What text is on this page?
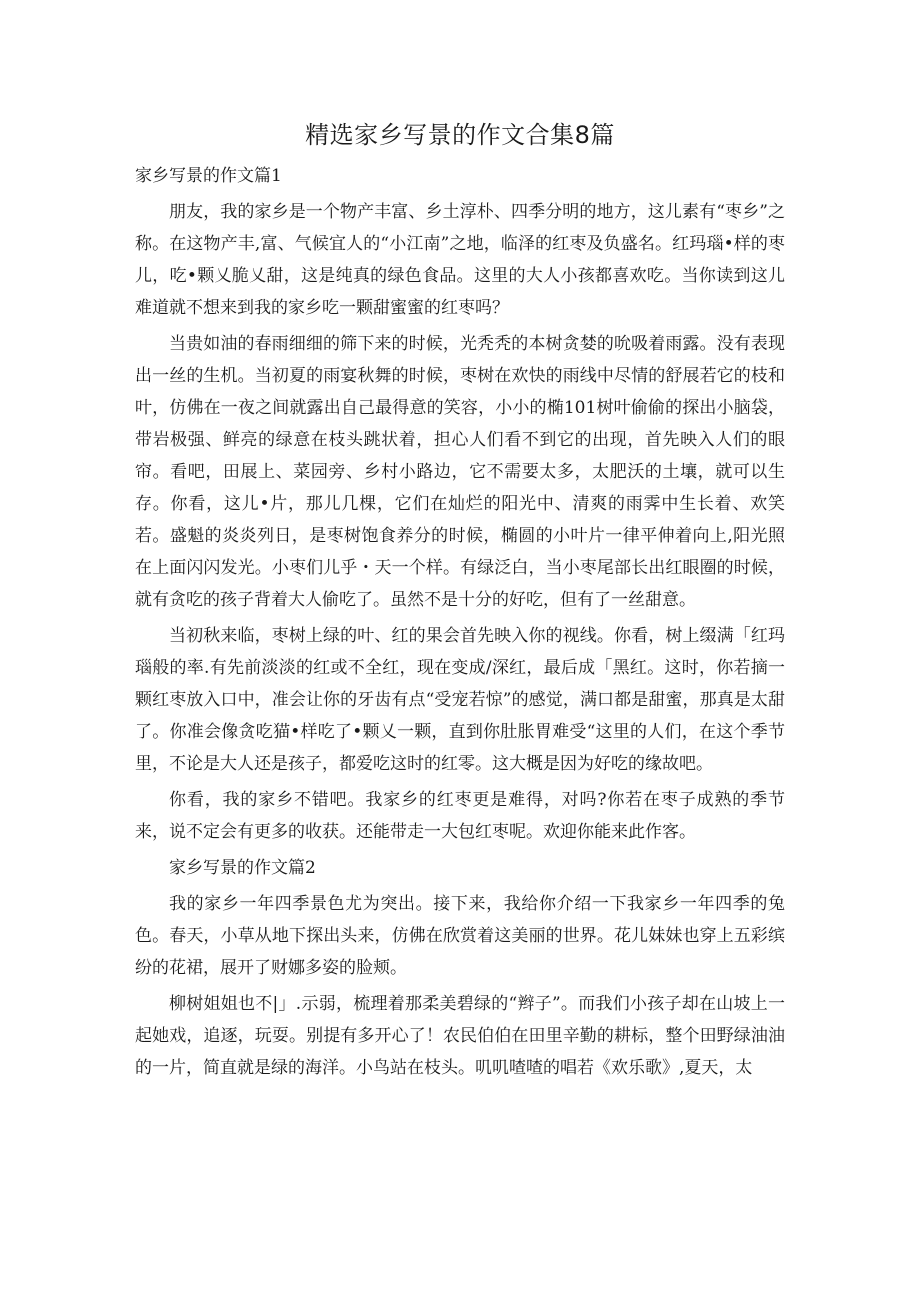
精选家乡写景的作文合集8篇
家乡写景的作文篇1

朋友，我的家乡是一个物产丰富、乡土淳朴、四季分明的地方，这儿素有“枣乡”之称。在这物产丰,富、气候宜人的“小江南”之地，临泽的红枣及负盛名。红玛瑙•样的枣儿，吃•颗乂脆乂甜，这是纯真的绿色食品。这里的大人小孩都喜欢吃。当你读到这儿难道就不想来到我的家乡吃一颗甜蜜蜜的红枣吗？

当贵如油的春雨细细的筛下来的时候，光秃秃的本树贪婪的吮吸着雨露。没有表现出一丝的生机。当初夏的雨宴秋舞的时候，枣树在欢快的雨线中尽情的舒展若它的枝和叶，仿佛在一夜之间就露出自己最得意的笑容，小小的椭101树叶偷偷的探出小脑袋，带岩极强、鲜亮的绿意在枝头跳状着，担心人们看不到它的出现，首先映入人们的眼帘。看吧，田展上、菜园旁、乡村小路边，它不需要太多，太肥沃的土壤，就可以生存。你看，这儿•片，那儿几棵，它们在灿烂的阳光中、清爽的雨霁中生长着、欢笑若。盛魁的炎炎列日，是枣树饱食养分的时候，椭圆的小叶片一律平伸着向上,阳光照在上面闪闪发光。小枣们儿乎・天一个样。有绿泛白，当小枣尾部长出红眼圈的时候，就有贪吃的孩子背着大人偷吃了。虽然不是十分的好吃，但有了一丝甜意。

当初秋来临，枣树上绿的叶、红的果会首先映入你的视线。你看，树上缀满「红玛瑙般的率.有先前淡淡的红或不全红，现在变成/深红，最后成「黑红。这时，你若摘一颗红枣放入口中，准会让你的牙齿有点“受宠若惊”的感觉，满口都是甜蜜，那真是太甜了。你准会像贪吃猫•样吃了•颗乂一颗，直到你肚胀胃难受“这里的人们，在这个季节里，不论是大人还是孩子，都爱吃这时的红零。这大概是因为好吃的缘故吧。

你看，我的家乡不错吧。我家乡的红枣更是难得，对吗?你若在枣子成熟的季节来，说不定会有更多的收获。还能带走一大包红枣呢。欢迎你能来此作客。

家乡写景的作文篇2

我的家乡一年四季景色尤为突出。接下来，我给你介绍一下我家乡一年四季的兔色。春天，小草从地下探出头来，仿佛在欣赏着这美丽的世界。花儿妹妹也穿上五彩缤纷的花裙，展开了财娜多姿的脸颊。

柳树姐姐也不|」.示弱，梳理着那柔美碧绿的“辫子”。而我们小孩子却在山坡上一起她戏，追逐，玩耍。别提有多开心了！农民伯伯在田里辛勤的耕标，整个田野绿油油的一片，简直就是绿的海洋。小鸟站在枝头。叽叽喳喳的唱若《欢乐歌》,夏天，太
